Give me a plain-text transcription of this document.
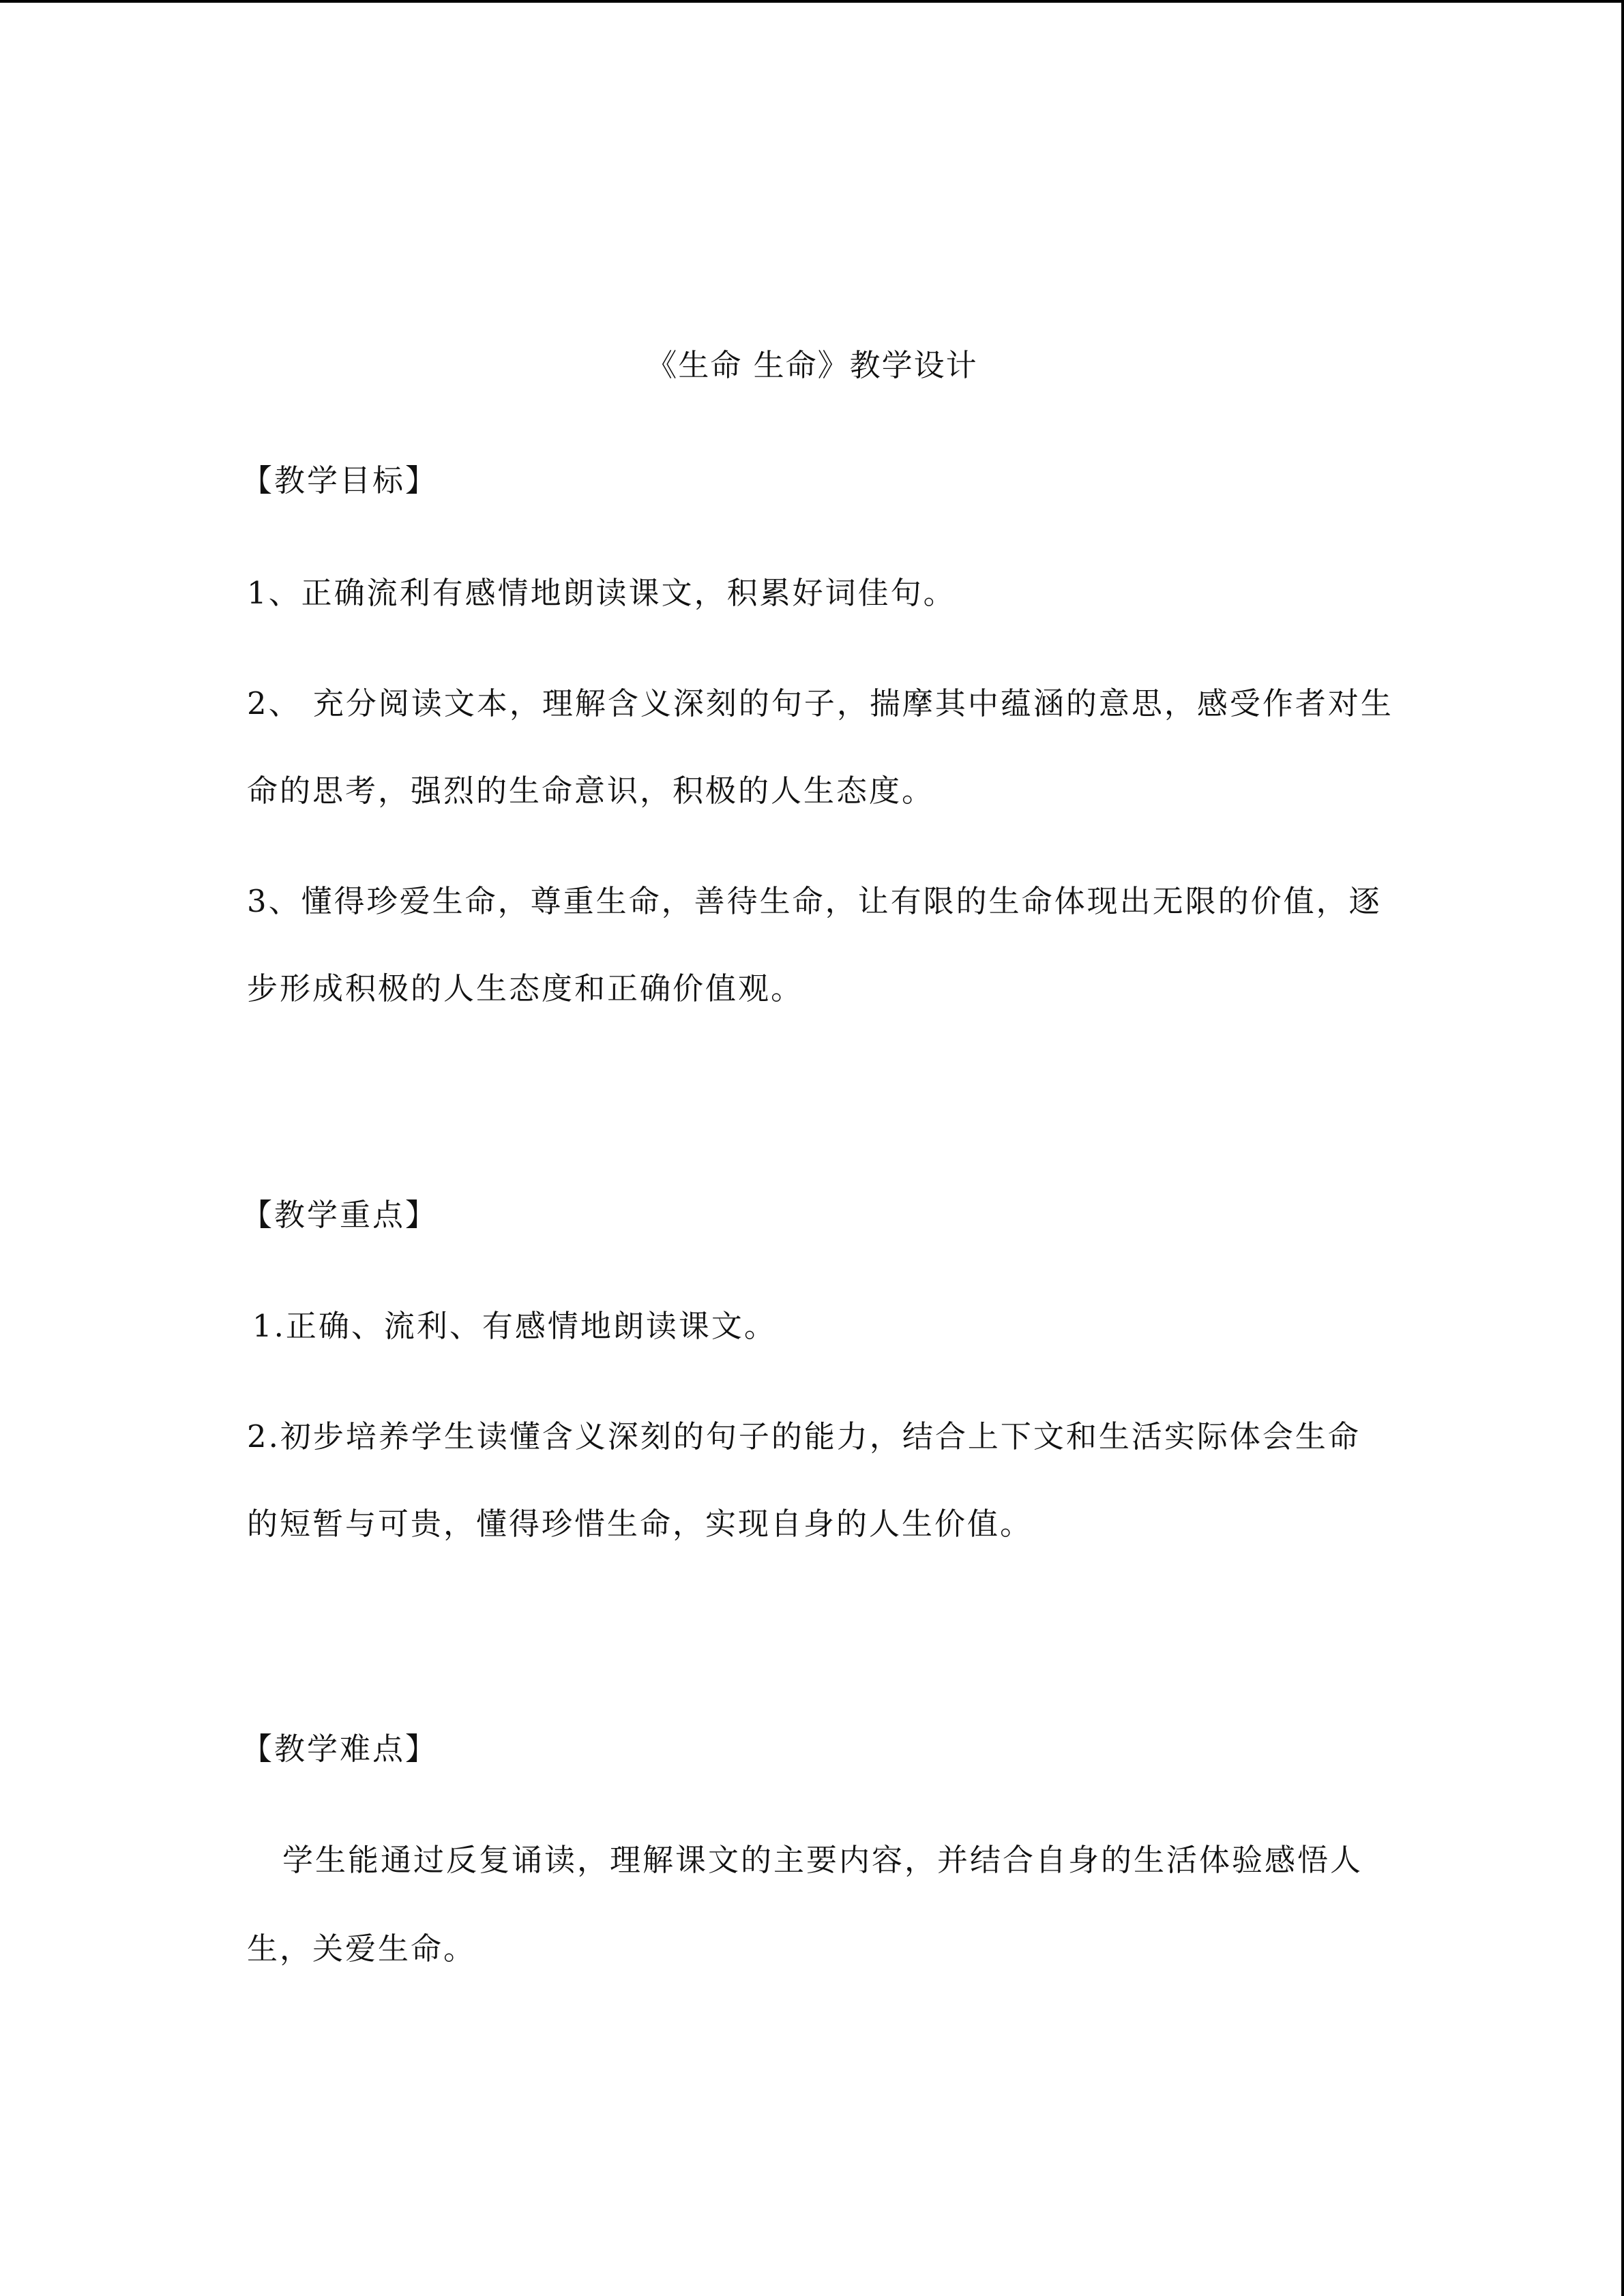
《生命 生命》教学设计
【教学目标】
1、正确流利有感情地朗读课文，积累好词佳句。
2、 充分阅读文本，理解含义深刻的句子，揣摩其中蕴涵的意思，感受作者对生
命的思考，强烈的生命意识，积极的人生态度。
3、懂得珍爱生命，尊重生命，善待生命，让有限的生命体现出无限的价值，逐
步形成积极的人生态度和正确价值观。
【教学重点】
1.正确、流利、有感情地朗读课文。
2.初步培养学生读懂含义深刻的句子的能力，结合上下文和生活实际体会生命
的短暂与可贵，懂得珍惜生命，实现自身的人生价值。
【教学难点】
学生能通过反复诵读，理解课文的主要内容，并结合自身的生活体验感悟人
生，关爱生命。
